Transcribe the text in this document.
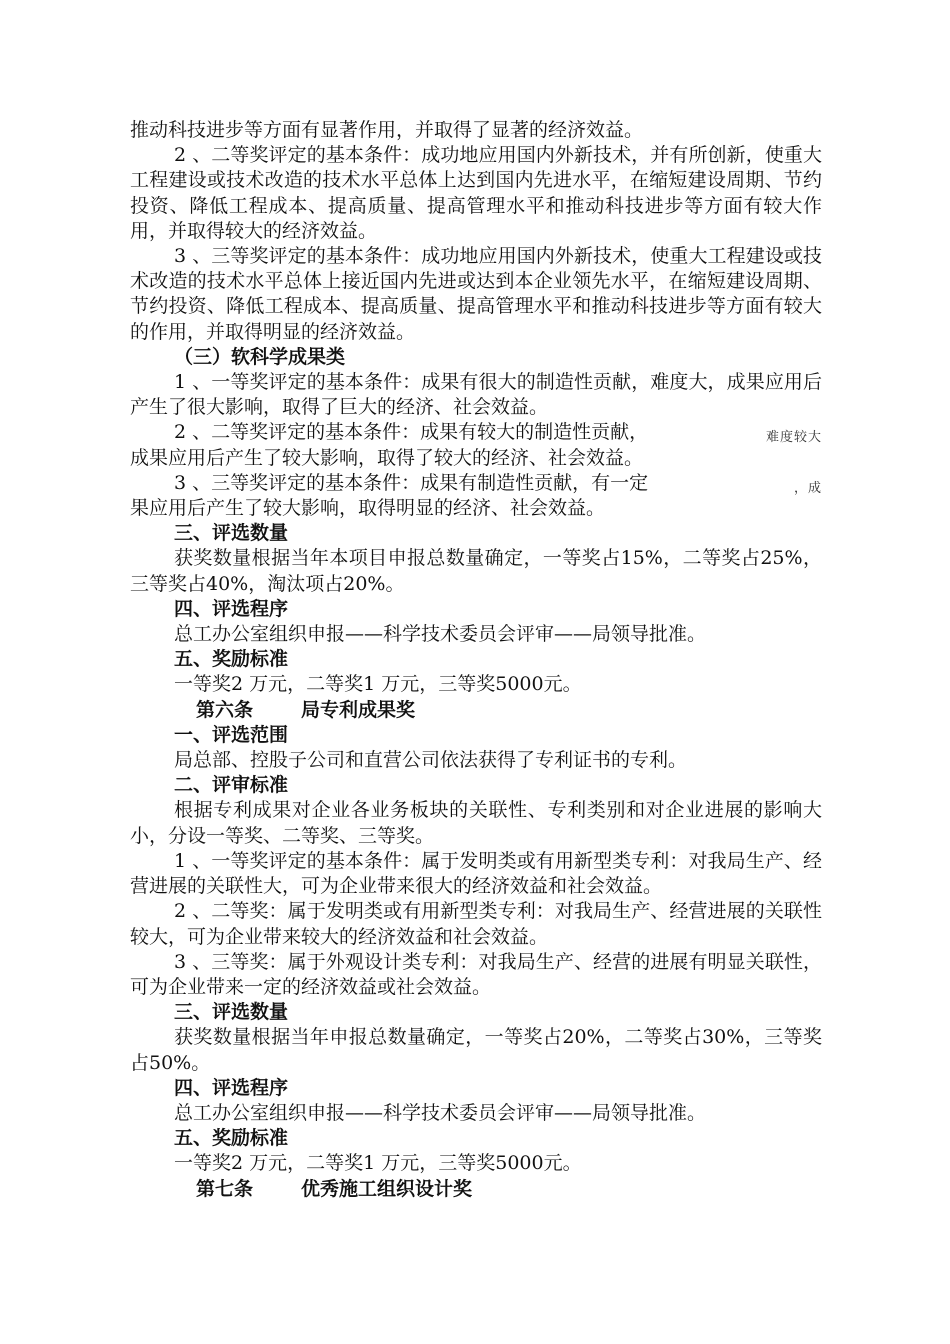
推动科技进步等方面有显著作用，并取得了显著的经济效益。

2 、二等奖评定的基本条件：成功地应用国内外新技术，并有所创新，使重大工程建设或技术改造的技术水平总体上达到国内先进水平，在缩短建设周期、节约投资、降低工程成本、提高质量、提高管理水平和推动科技进步等方面有较大作用，并取得较大的经济效益。

3 、三等奖评定的基本条件：成功地应用国内外新技术，使重大工程建设或技术改造的技术水平总体上接近国内先进或达到本企业领先水平，在缩短建设周期、节约投资、降低工程成本、提高质量、提高管理水平和推动科技进步等方面有较大的作用，并取得明显的经济效益。

（三）软科学成果类

1 、一等奖评定的基本条件：成果有很大的制造性贡献，难度大，成果应用后产生了很大影响，取得了巨大的经济、社会效益。

2 、二等奖评定的基本条件：成果有较大的制造性贡献，	难度较大

成果应用后产生了较大影响，取得了较大的经济、社会效益。

3 、三等奖评定的基本条件：成果有制造性贡献，有一定	，成

果应用后产生了较大影响，取得明显的经济、社会效益。

三、评选数量

获奖数量根据当年本项目申报总数量确定，一等奖占15%，二等奖占25%，三等奖占40%，淘汰项占20%。

四、评选程序

总工办公室组织申报——科学技术委员会评审——局领导批准。

五、奖励标准

一等奖2 万元，二等奖1 万元，三等奖5000元。

第六条	局专利成果奖

一、评选范围

局总部、控股子公司和直营公司依法获得了专利证书的专利。

二、评审标准

根据专利成果对企业各业务板块的关联性、专利类别和对企业进展的影响大小，分设一等奖、二等奖、三等奖。

1 、一等奖评定的基本条件：属于发明类或有用新型类专利：对我局生产、经营进展的关联性大，可为企业带来很大的经济效益和社会效益。

2 、二等奖：属于发明类或有用新型类专利：对我局生产、经营进展的关联性较大，可为企业带来较大的经济效益和社会效益。

3 、三等奖：属于外观设计类专利：对我局生产、经营的进展有明显关联性，可为企业带来一定的经济效益或社会效益。

三、评选数量

获奖数量根据当年申报总数量确定，一等奖占20%，二等奖占30%，三等奖占50%。

四、评选程序

总工办公室组织申报——科学技术委员会评审——局领导批准。

五、奖励标准

一等奖2 万元，二等奖1 万元，三等奖5000元。

第七条	优秀施工组织设计奖
